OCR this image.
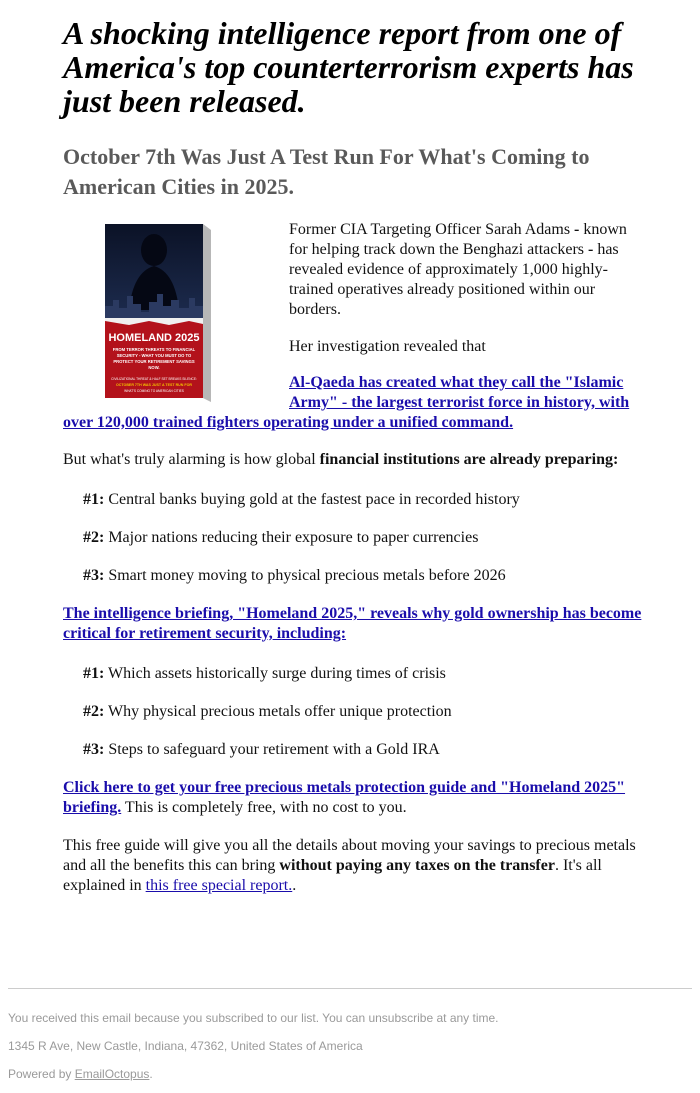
A shocking intelligence report from one of America's top counterterrorism experts has just been released.
October 7th Was Just A Test Run For What's Coming to American Cities in 2025.
HOMELAND 2025
FROM TERROR THREATS TO FINANCIAL
SECURITY - WHAT YOU MUST DO TO
PROTECT YOUR RETIREMENT SAVINGS
NOW.
CIVILIZATIONAL THREAT & HALF SET BREAKS SILENCE:
OCTOBER 7TH WAS JUST A TEST RUN FOR
WHAT'S COMING TO AMERICAN CITIES

Former CIA Targeting Officer Sarah Adams - known for helping track down the Benghazi attackers - has revealed evidence of approximately 1,000 highly-trained operatives already positioned within our borders.

Her investigation revealed that

Al-Qaeda has created what they call the "Islamic Army" - the largest terrorist force in history, with over 120,000 trained fighters operating under a unified command.

But what's truly alarming is how global financial institutions are already preparing:

#1: Central banks buying gold at the fastest pace in recorded history
#2: Major nations reducing their exposure to paper currencies
#3: Smart money moving to physical precious metals before 2026

The intelligence briefing, "Homeland 2025," reveals why gold ownership has become critical for retirement security, including:

#1: Which assets historically surge during times of crisis
#2: Why physical precious metals offer unique protection
#3: Steps to safeguard your retirement with a Gold IRA

Click here to get your free precious metals protection guide and "Homeland 2025" briefing. This is completely free, with no cost to you.

This free guide will give you all the details about moving your savings to precious metals and all the benefits this can bring without paying any taxes on the transfer. It's all explained in this free special report..

You received this email because you subscribed to our list. You can unsubscribe at any time.

1345 R Ave, New Castle, Indiana, 47362, United States of America

Powered by EmailOctopus.
